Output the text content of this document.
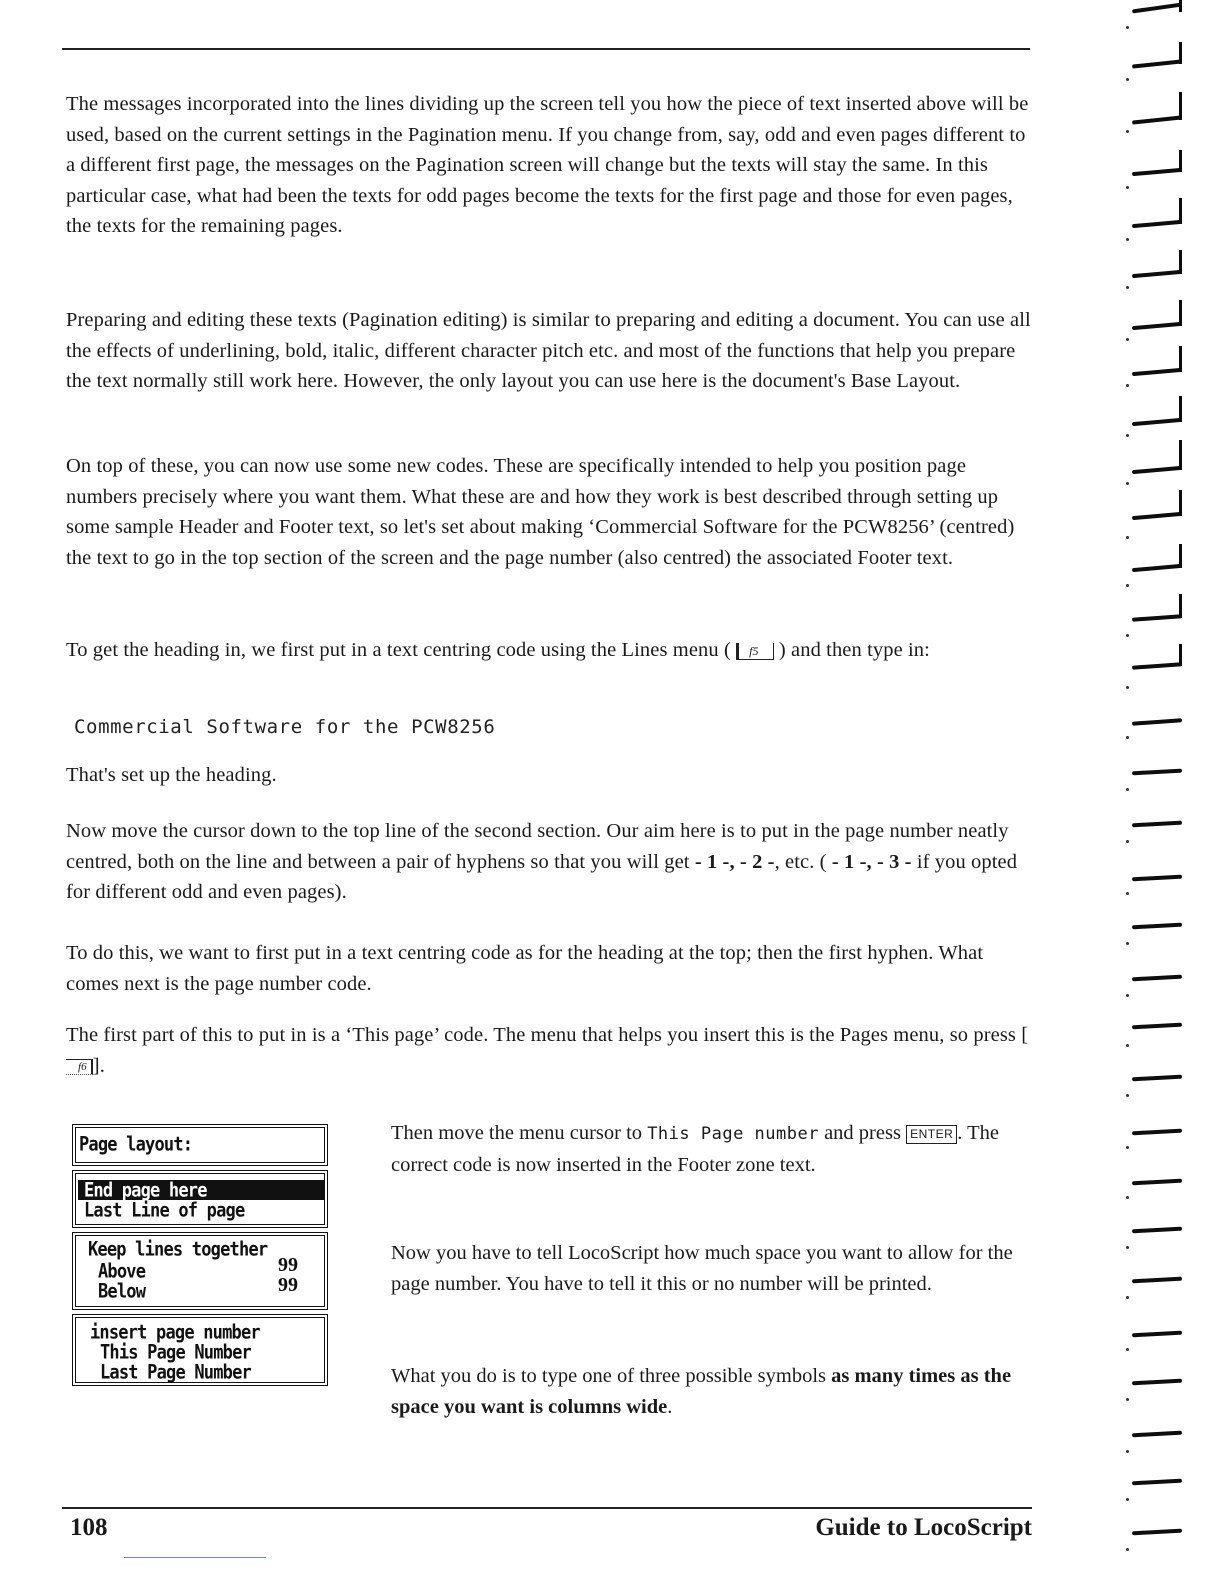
The messages incorporated into the lines dividing up the screen tell you how the piece of text inserted above will be used, based on the current settings in the Pagination menu. If you change from, say, odd and even pages different to a different first page, the messages on the Pagination screen will change but the texts will stay the same. In this particular case, what had been the texts for odd pages become the texts for the first page and those for even pages, the texts for the remaining pages.

Preparing and editing these texts (Pagination editing) is similar to preparing and editing a document. You can use all the effects of underlining, bold, italic, different character pitch etc. and most of the functions that help you prepare the text normally still work here. However, the only layout you can use here is the document's Base Layout.

On top of these, you can now use some new codes. These are specifically intended to help you position page numbers precisely where you want them. What these are and how they work is best described through setting up some sample Header and Footer text, so let's set about making ‘Commercial Software for the PCW8256’ (centred) the text to go in the top section of the screen and the page number (also centred) the associated Footer text.

To get the heading in, we first put in a text centring code using the Lines menu ( f5 ) and then type in:

Commercial Software for the PCW8256

That's set up the heading.

Now move the cursor down to the top line of the second section. Our aim here is to put in the page number neatly centred, both on the line and between a pair of hyphens so that you will get - 1 -, - 2 -, etc. ( - 1 -, - 3 - if you opted for different odd and even pages).

To do this, we want to first put in a text centring code as for the heading at the top; then the first hyphen. What comes next is the page number code.

The first part of this to put in is a ‘This page’ code. The menu that helps you insert this is the Pages menu, so press [ f6 ].

Page layout:
End page here
Last Line of page
Keep lines together
Above	99
Below	99
insert page number
This Page Number
Last Page Number

Then move the menu cursor to This Page number and press ENTER . The correct code is now inserted in the Footer zone text.

Now you have to tell LocoScript how much space you want to allow for the page number. You have to tell it this or no number will be printed.

What you do is to type one of three possible symbols as many times as the space you want is columns wide.

108	Guide to LocoScript
